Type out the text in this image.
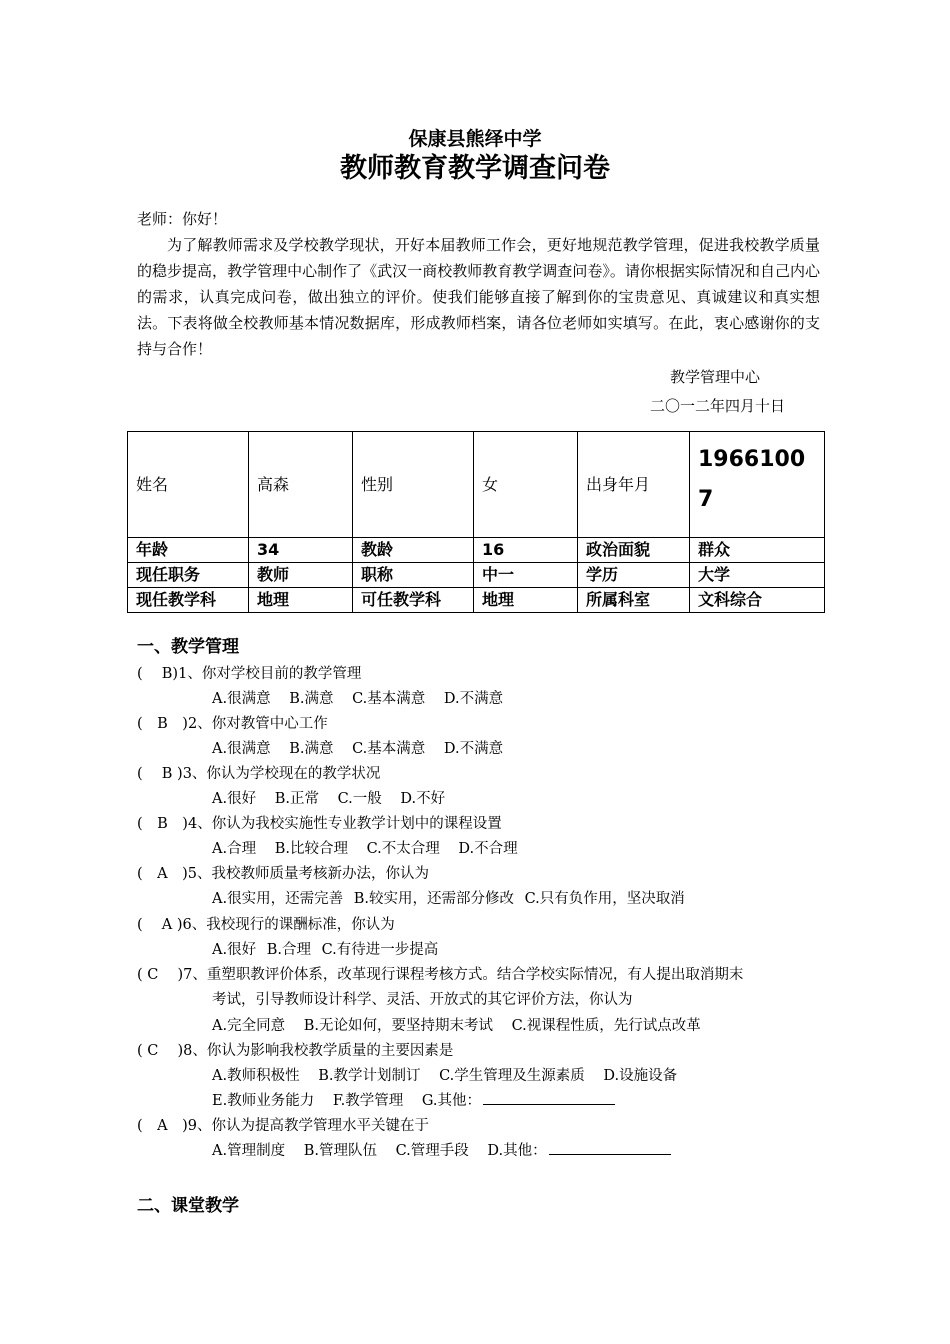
保康县熊绎中学
教师教育教学调查问卷
老师：你好！
为了解教师需求及学校教学现状，开好本届教师工作会，更好地规范教学管理，促进我校教学质量的稳步提高，教学管理中心制作了《武汉一商校教师教育教学调查问卷》。请你根据实际情况和自己内心的需求，认真完成问卷，做出独立的评价。使我们能够直接了解到你的宝贵意见、真诚建议和真实想法。下表将做全校教师基本情况数据库，形成教师档案，请各位老师如实填写。在此，衷心感谢你的支持与合作！
教学管理中心
二〇一二年四月十日
姓名	高森	性别	女	出身年月	19661007
年龄	34	教龄	16	政治面貌	群众
现任职务	教师	职称	中一	学历	大学
现任教学科	地理	可任教学科	地理	所属科室	文科综合
一、教学管理
(　 B)1、你对学校目前的教学管理
A.很满意 B.满意 C.基本满意 D.不满意
(　B　)2、你对教管中心工作
A.很满意 B.满意 C.基本满意 D.不满意
(　 B )3、你认为学校现在的教学状况
A.很好 B.正常 C.一般 D.不好
(　B　)4、你认为我校实施性专业教学计划中的课程设置
A.合理 B.比较合理 C.不太合理 D.不合理
(　A　)5、我校教师质量考核新办法，你认为
A.很实用，还需完善 B.较实用，还需部分修改 C.只有负作用，坚决取消
(　 A )6、我校现行的课酬标准，你认为
A.很好 B.合理 C.有待进一步提高
( C　 )7、重塑职教评价体系，改革现行课程考核方式。结合学校实际情况，有人提出取消期末
考试，引导教师设计科学、灵活、开放式的其它评价方法，你认为
A.完全同意 B.无论如何，要坚持期末考试 C.视课程性质，先行试点改革
( C　 )8、你认为影响我校教学质量的主要因素是
A.教师积极性 B.教学计划制订 C.学生管理及生源素质 D.设施设备
E.教师业务能力 F.教学管理 G.其他：
(　A　)9、你认为提高教学管理水平关键在于
A.管理制度 B.管理队伍 C.管理手段 D.其他：
二、课堂教学
